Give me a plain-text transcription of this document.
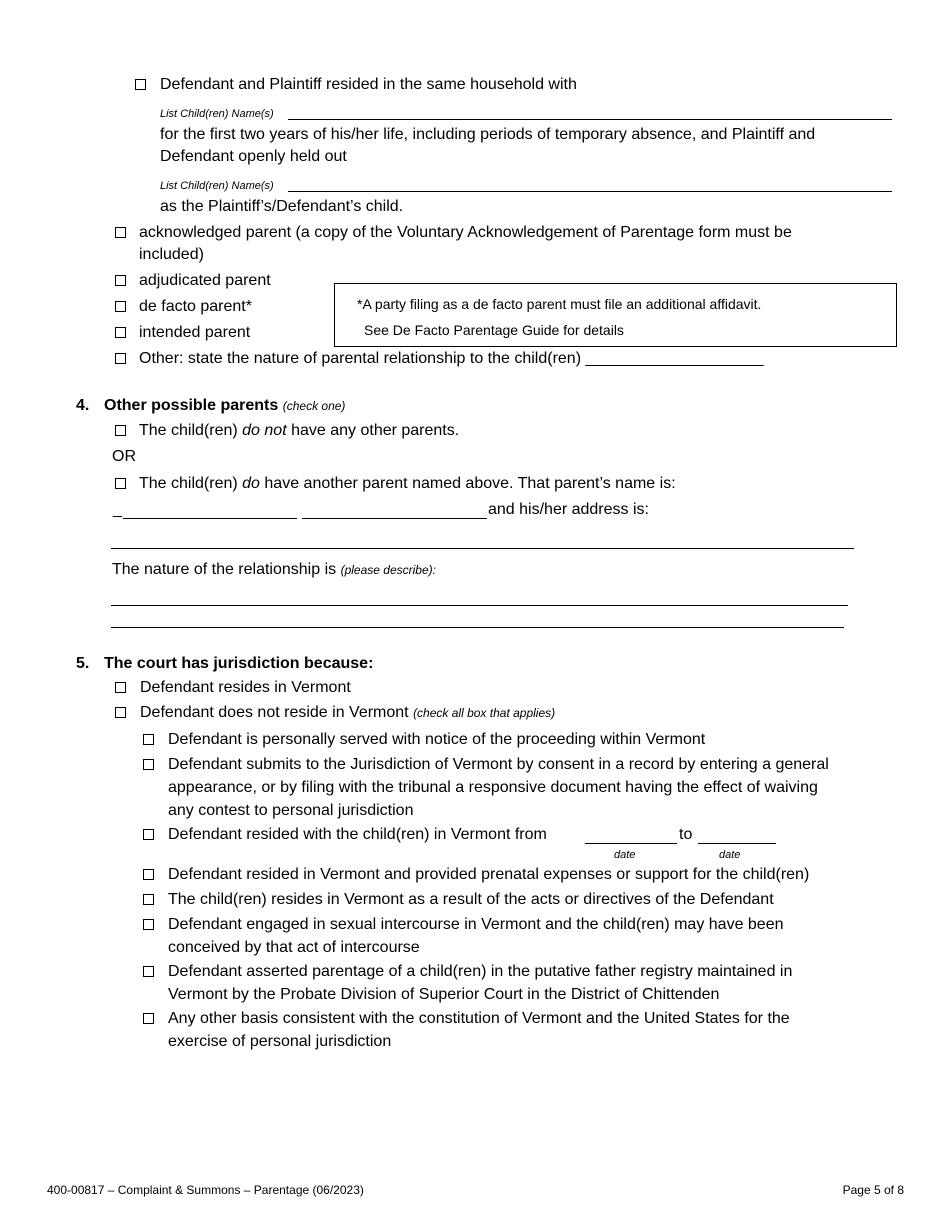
Defendant and Plaintiff resided in the same household with
List Child(ren) Name(s)
for the first two years of his/her life, including periods of temporary absence, and Plaintiff and
Defendant openly held out
List Child(ren) Name(s)
as the Plaintiff’s/Defendant’s child.
acknowledged parent (a copy of the Voluntary Acknowledgement of Parentage form must be
included)
adjudicated parent
de facto parent*
intended parent
Other: state the nature of parental relationship to the child(ren) ____________________
*A party filing as a de facto parent must file an additional affidavit.
See De Facto Parentage Guide for details
4. Other possible parents (check one)
The child(ren) do not have any other parents.
OR
The child(ren) do have another parent named above. That parent’s name is:
_	and his/her address is:
The nature of the relationship is (please describe):
5. The court has jurisdiction because:
Defendant resides in Vermont
Defendant does not reside in Vermont (check all box that applies)
Defendant is personally served with notice of the proceeding within Vermont
Defendant submits to the Jurisdiction of Vermont by consent in a record by entering a general
appearance, or by filing with the tribunal a responsive document having the effect of waiving
any contest to personal jurisdiction
Defendant resided with the child(ren) in Vermont from	to
date	date
Defendant resided in Vermont and provided prenatal expenses or support for the child(ren)
The child(ren) resides in Vermont as a result of the acts or directives of the Defendant
Defendant engaged in sexual intercourse in Vermont and the child(ren) may have been
conceived by that act of intercourse
Defendant asserted parentage of a child(ren) in the putative father registry maintained in
Vermont by the Probate Division of Superior Court in the District of Chittenden
Any other basis consistent with the constitution of Vermont and the United States for the
exercise of personal jurisdiction
400-00817 – Complaint & Summons – Parentage (06/2023)	Page 5 of 8
